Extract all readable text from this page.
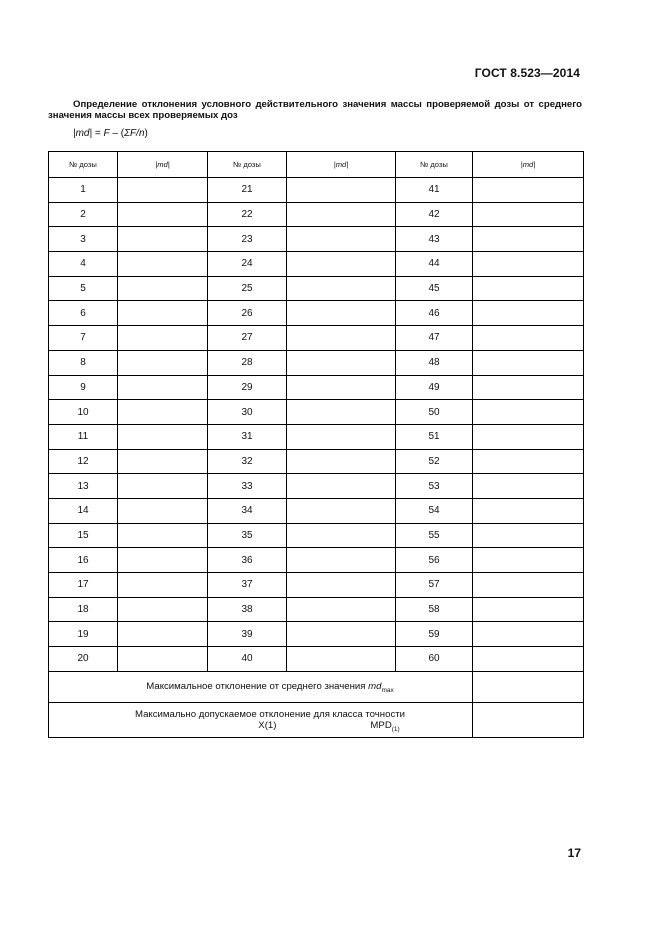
ГОСТ 8.523—2014
Определение отклонения условного действительного значения массы проверяемой дозы от среднего значения массы всех проверяемых доз
|md| = F – (ΣF/n)
№ дозы	|md|	№ дозы	|md|	№ дозы	|md|
1		21		41	
2		22		42	
3		23		43	
4		24		44	
5		25		45	
6		26		46	
7		27		47	
8		28		48	
9		29		49	
10		30		50	
11		31		51	
12		32		52	
13		33		53	
14		34		54	
15		35		55	
16		36		56	
17		37		57	
18		38		58	
19		39		59	
20		40		60	
Максимальное отклонение от среднего значения $md_{max}$	
Максимально допускаемое отклонение для класса точности
X(1) $MPD_{(1)}$	
17
